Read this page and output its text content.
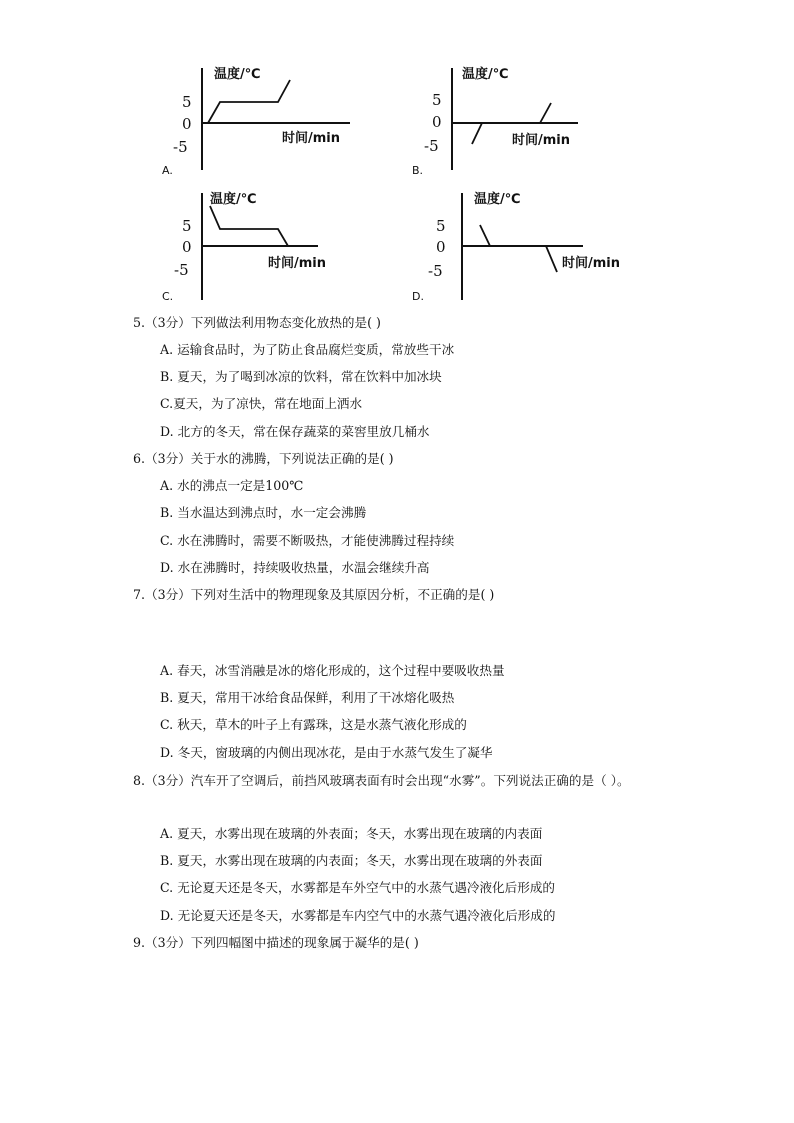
温度/℃
时间/min
5
0
-5
A.
温度/℃
时间/min
5
0
-5
B.
温度/℃
时间/min
5
0
-5
C.
温度/℃
时间/min
5
0
-5
D.
5.（3分）下列做法利用物态变化放热的是( )
A. 运输食品时，为了防止食品腐烂变质，常放些干冰
B. 夏天，为了喝到冰凉的饮料，常在饮料中加冰块
C.夏天，为了凉快，常在地面上洒水
D. 北方的冬天，常在保存蔬菜的菜窖里放几桶水
6.（3分）关于水的沸腾，下列说法正确的是( )
A. 水的沸点一定是100℃
B. 当水温达到沸点时，水一定会沸腾
C. 水在沸腾时，需要不断吸热，才能使沸腾过程持续
D. 水在沸腾时，持续吸收热量，水温会继续升高
7.（3分）下列对生活中的物理现象及其原因分析，不正确的是( )
A. 春天，冰雪消融是冰的熔化形成的，这个过程中要吸收热量
B. 夏天，常用干冰给食品保鲜，利用了干冰熔化吸热
C. 秋天，草木的叶子上有露珠，这是水蒸气液化形成的
D. 冬天，窗玻璃的内侧出现冰花，是由于水蒸气发生了凝华
8.（3分）汽车开了空调后，前挡风玻璃表面有时会出现“水雾”。下列说法正确的是（ ）。
A. 夏天，水雾出现在玻璃的外表面；冬天，水雾出现在玻璃的内表面
B. 夏天，水雾出现在玻璃的内表面；冬天，水雾出现在玻璃的外表面
C. 无论夏天还是冬天，水雾都是车外空气中的水蒸气遇冷液化后形成的
D. 无论夏天还是冬天，水雾都是车内空气中的水蒸气遇冷液化后形成的
9.（3分）下列四幅图中描述的现象属于凝华的是( )
